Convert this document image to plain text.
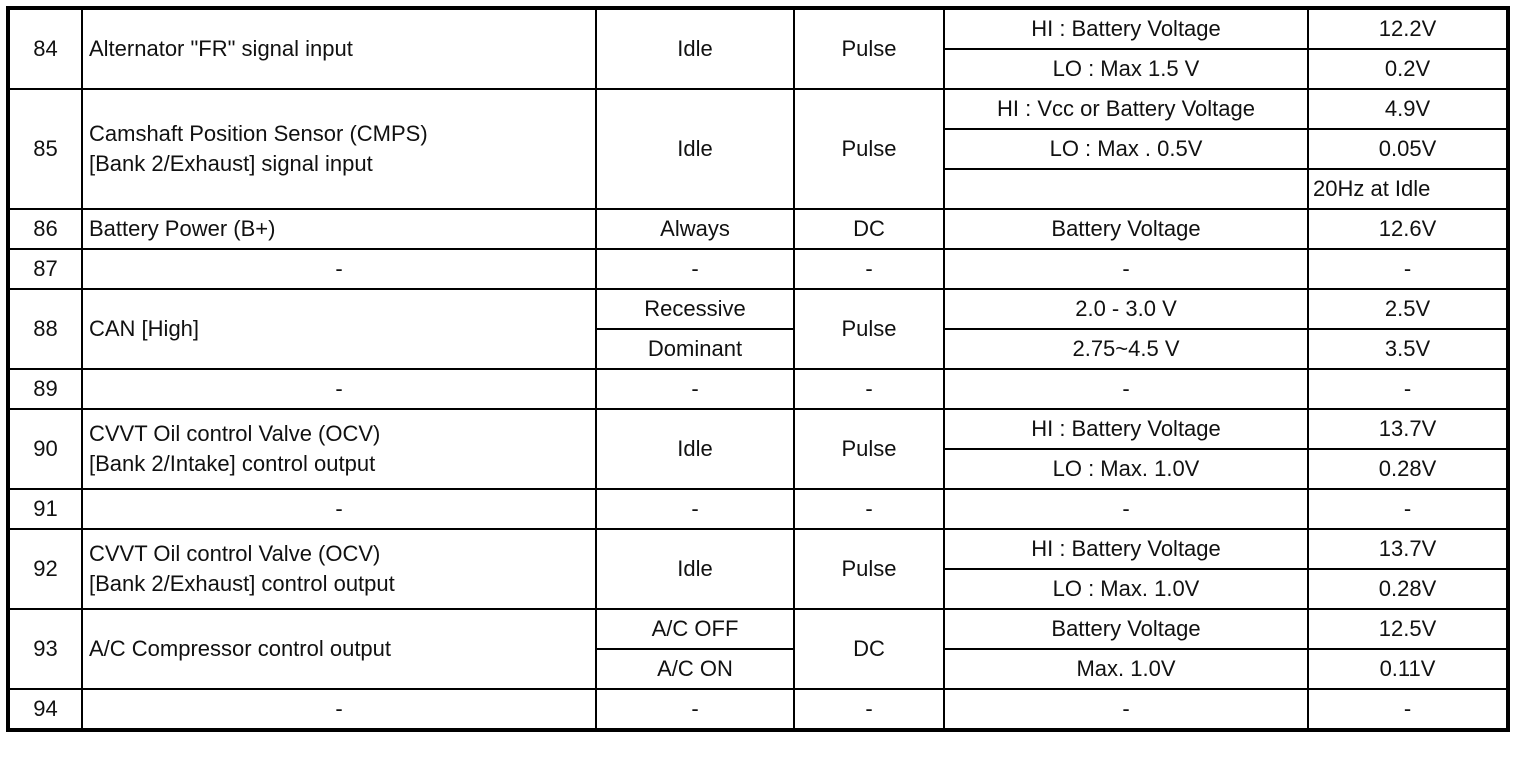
84	Alternator "FR" signal input	Idle	Pulse	HI : Battery Voltage	12.2V
				LO : Max 1.5 V	0.2V
85	Camshaft Position Sensor (CMPS)
[Bank 2/Exhaust] signal input	Idle	Pulse	HI : Vcc or Battery Voltage	4.9V
				LO : Max . 0.5V	0.05V
					20Hz at Idle
86	Battery Power (B+)	Always	DC	Battery Voltage	12.6V
87	-	-	-	-	-
88	CAN [High]	Recessive	Pulse	2.0 - 3.0 V	2.5V
		Dominant		2.75~4.5 V	3.5V
89	-	-	-	-	-
90	CVVT Oil control Valve (OCV)
[Bank 2/Intake] control output	Idle	Pulse	HI : Battery Voltage	13.7V
				LO : Max. 1.0V	0.28V
91	-	-	-	-	-
92	CVVT Oil control Valve (OCV)
[Bank 2/Exhaust] control output	Idle	Pulse	HI : Battery Voltage	13.7V
				LO : Max. 1.0V	0.28V
93	A/C Compressor control output	A/C OFF	DC	Battery Voltage	12.5V
		A/C ON		Max. 1.0V	0.11V
94	-	-	-	-	-
